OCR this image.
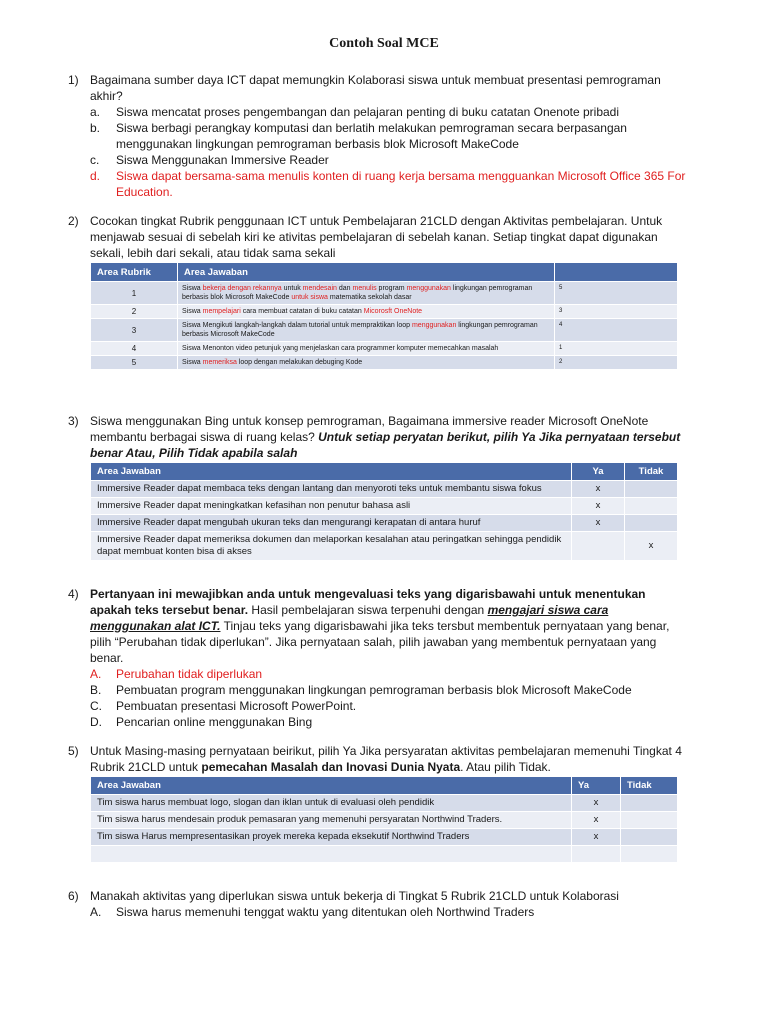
Contoh Soal MCE
1) Bagaimana sumber daya ICT dapat memungkin Kolaborasi siswa untuk membuat presentasi pemrograman akhir?
a. Siswa mencatat proses pengembangan dan pelajaran penting di buku catatan Onenote pribadi
b. Siswa berbagi perangkay komputasi dan berlatih melakukan pemrograman secara berpasangan menggunakan lingkungan pemrograman berbasis blok Microsoft MakeCode
c. Siswa Menggunakan Immersive Reader
d. Siswa dapat bersama-sama menulis konten di ruang kerja bersama mengguankan Microsoft Office 365 For Education.
2) Cocokan tingkat Rubrik penggunaan ICT untuk Pembelajaran 21CLD dengan Aktivitas pembelajaran. Untuk menjawab sesuai di sebelah kiri ke ativitas pembelajaran di sebelah kanan. Setiap tingkat dapat digunakan sekali, lebih dari sekali, atau tidak sama sekali
Area Rubrik	Area Jawaban	
1	Siswa bekerja dengan rekannya untuk mendesain dan menulis program menggunakan lingkungan pemrograman berbasis blok Microsoft MakeCode untuk siswa matematika sekolah dasar	5
2	Siswa mempelajari cara membuat catatan di buku catatan Micorosft OneNote	3
3	Siswa Mengikuti langkah-langkah dalam tutorial untuk mempraktikan loop menggunakan lingkungan pemrograman berbasis Microsoft MakeCode	4
4	Siswa Menonton video petunjuk yang menjelaskan cara programmer komputer memecahkan masalah	1
5	Siswa memeriksa loop dengan melakukan debuging Kode	2
3) Siswa menggunakan Bing untuk konsep pemrograman, Bagaimana immersive reader Microsoft OneNote membantu berbagai siswa di ruang kelas? Untuk setiap peryatan berikut, pilih Ya Jika pernyataan tersebut benar Atau, Pilih Tidak apabila salah
Area Jawaban	Ya	Tidak
Immersive Reader dapat membaca teks dengan lantang dan menyoroti teks untuk membantu siswa fokus	x	
Immersive Reader dapat meningkatkan kefasihan non penutur bahasa asli	x	
Immersive Reader dapat mengubah ukuran teks dan mengurangi kerapatan di antara huruf	x	
Immersive Reader dapat memeriksa dokumen dan melaporkan kesalahan atau peringatkan sehingga pendidik dapat membuat konten bisa di akses		x
4) Pertanyaan ini mewajibkan anda untuk mengevaluasi teks yang digarisbawahi untuk menentukan apakah teks tersebut benar. Hasil pembelajaran siswa terpenuhi dengan mengajari siswa cara menggunakan alat ICT. Tinjau teks yang digarisbawahi jika teks tersbut membentuk pernyataan yang benar, pilih “Perubahan tidak diperlukan”. Jika pernyataan salah, pilih jawaban yang membentuk pernyataan yang benar.
A. Perubahan tidak diperlukan
B. Pembuatan program menggunakan lingkungan pemrograman berbasis blok Microsoft MakeCode
C. Pembuatan presentasi Microsoft PowerPoint.
D. Pencarian online menggunakan Bing
5) Untuk Masing-masing pernyataan beirikut, pilih Ya Jika persyaratan aktivitas pembelajaran memenuhi Tingkat 4 Rubrik 21CLD untuk pemecahan Masalah dan Inovasi Dunia Nyata. Atau pilih Tidak.
Area Jawaban	Ya	Tidak
Tim siswa harus membuat logo, slogan dan iklan untuk di evaluasi oleh pendidik	x	
Tim siswa harus mendesain produk pemasaran yang memenuhi persyaratan Northwind Traders.	x	
Tim siswa Harus mempresentasikan proyek mereka kepada eksekutif Northwind Traders	x	

6) Manakah aktivitas yang diperlukan siswa untuk bekerja di Tingkat 5 Rubrik 21CLD untuk Kolaborasi
A. Siswa harus memenuhi tenggat waktu yang ditentukan oleh Northwind Traders
